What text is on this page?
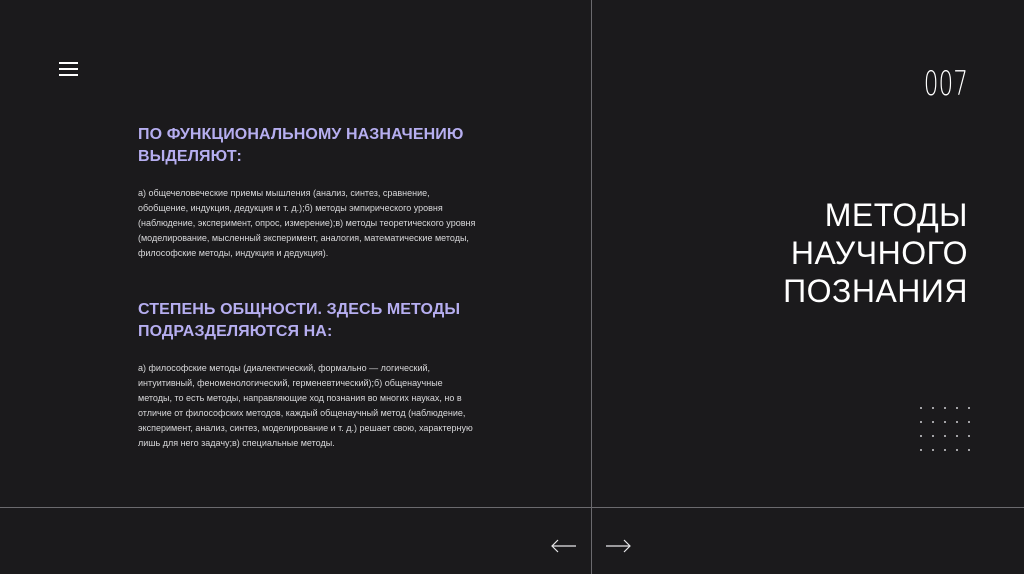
ПО ФУНКЦИОНАЛЬНОМУ НАЗНАЧЕНИЮ ВЫДЕЛЯЮТ:

а) общечеловеческие приемы мышления (анализ, синтез, сравнение, обобщение, индукция, дедукция и т. д.);б) методы эмпирического уровня (наблюдение, эксперимент, опрос, измерение);в) методы теоретического уровня (моделирование, мысленный эксперимент, аналогия, математические методы, философские методы, индукция и дедукция).

СТЕПЕНЬ ОБЩНОСТИ. ЗДЕСЬ МЕТОДЫ ПОДРАЗДЕЛЯЮТСЯ НА:

а) философские методы (диалектический, формально — логический, интуитивный, феноменологический, герменевтический);б) общенаучные методы, то есть методы, направляющие ход познания во многих науках, но в отличие от философских методов, каждый общенаучный метод (наблюдение, эксперимент, анализ, синтез, моделирование и т. д.) решает свою, характерную лишь для него задачу;в) специальные методы.

007
МЕТОДЫ НАУЧНОГО ПОЗНАНИЯ
